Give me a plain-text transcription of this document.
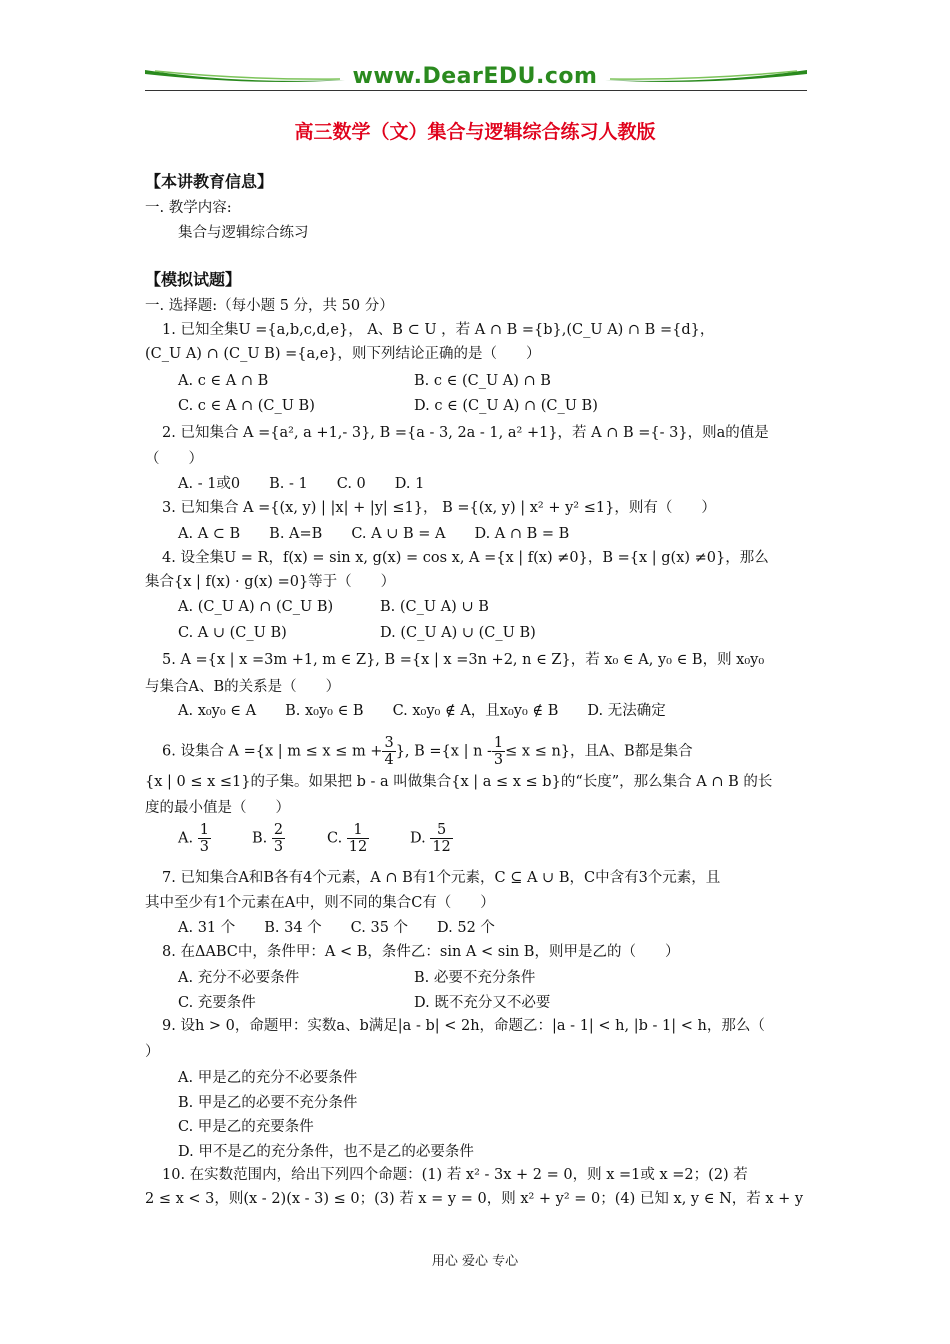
www.DearEDU.com
高三数学（文）集合与逻辑综合练习人教版
【本讲教育信息】
一. 教学内容:
集合与逻辑综合练习
【模拟试题】
一. 选择题:（每小题 5 分，共 50 分）
1. 已知全集U ={a,b,c,d,e}， A、B ⊂ U ，若 A ∩ B ={b},(C_U A) ∩ B ={d}，
(C_U A) ∩ (C_U B) ={a,e}，则下列结论正确的是（　　）
A. c ∈ A ∩ B	B. c ∈ (C_U A) ∩ B
C. c ∈ A ∩ (C_U B)	D. c ∈ (C_U A) ∩ (C_U B)
2. 已知集合 A ={a², a +1,- 3}, B ={a - 3, 2a - 1, a² +1}，若 A ∩ B ={- 3}，则a的值是
（　　）
A. - 1或0　　B. - 1　　C. 0　　D. 1
3. 已知集合 A ={(x, y) | |x| + |y| ≤1}， B ={(x, y) | x² + y² ≤1}，则有（　　）
A. A ⊂ B　　B. A=B　　C. A ∪ B = A　　D. A ∩ B = B
4. 设全集U = R，f(x) = sin x, g(x) = cos x, A ={x | f(x) ≠0}，B ={x | g(x) ≠0}，那么
集合{x | f(x) · g(x) =0}等于（　　）
A. (C_U A) ∩ (C_U B)	B. (C_U A) ∪ B
C. A ∪ (C_U B)	D. (C_U A) ∪ (C_U B)
5. A ={x | x =3m +1, m ∈ Z}, B ={x | x =3n +2, n ∈ Z}，若 x₀ ∈ A, y₀ ∈ B，则 x₀y₀
与集合A、B的关系是（　　）
A. x₀y₀ ∈ A　　B. x₀y₀ ∈ B　　C. x₀y₀ ∉ A，且x₀y₀ ∉ B　　D. 无法确定
6. 设集合 A ={x | $m \le x \le m + \frac{3}{4}$ }, B ={x | $n - \frac{1}{3} \le x \le n$}，且A、B都是集合
{x | 0 ≤ x ≤1}的子集。如果把 b - a 叫做集合{x | a ≤ x ≤ b}的“长度”，那么集合 A ∩ B 的长
度的最小值是（　　）
A. $\frac{1}{3}$	B. $\frac{2}{3}$	C. $\frac{1}{12}$	D. $\frac{5}{12}$
7. 已知集合A和B各有4个元素，A ∩ B有1个元素，C ⊆ A ∪ B，C中含有3个元素，且
其中至少有1个元素在A中，则不同的集合C有（　　）
A. 31 个　　B. 34 个　　C. 35 个　　D. 52 个
8. 在ΔABC中，条件甲：A < B，条件乙：sin A < sin B，则甲是乙的（　　）
A. 充分不必要条件	B. 必要不充分条件
C. 充要条件	D. 既不充分又不必要
9. 设h > 0，命题甲：实数a、b满足|a - b| < 2h，命题乙：|a - 1| < h, |b - 1| < h，那么（
）
A. 甲是乙的充分不必要条件
B. 甲是乙的必要不充分条件
C. 甲是乙的充要条件
D. 甲不是乙的充分条件，也不是乙的必要条件
10. 在实数范围内，给出下列四个命题：(1) 若 x² - 3x + 2 = 0，则 x =1或 x =2；(2) 若
2 ≤ x < 3，则(x - 2)(x - 3) ≤ 0；(3) 若 x = y = 0，则 x² + y² = 0；(4) 已知 x, y ∈ N，若 x + y
用心 爱心 专心
